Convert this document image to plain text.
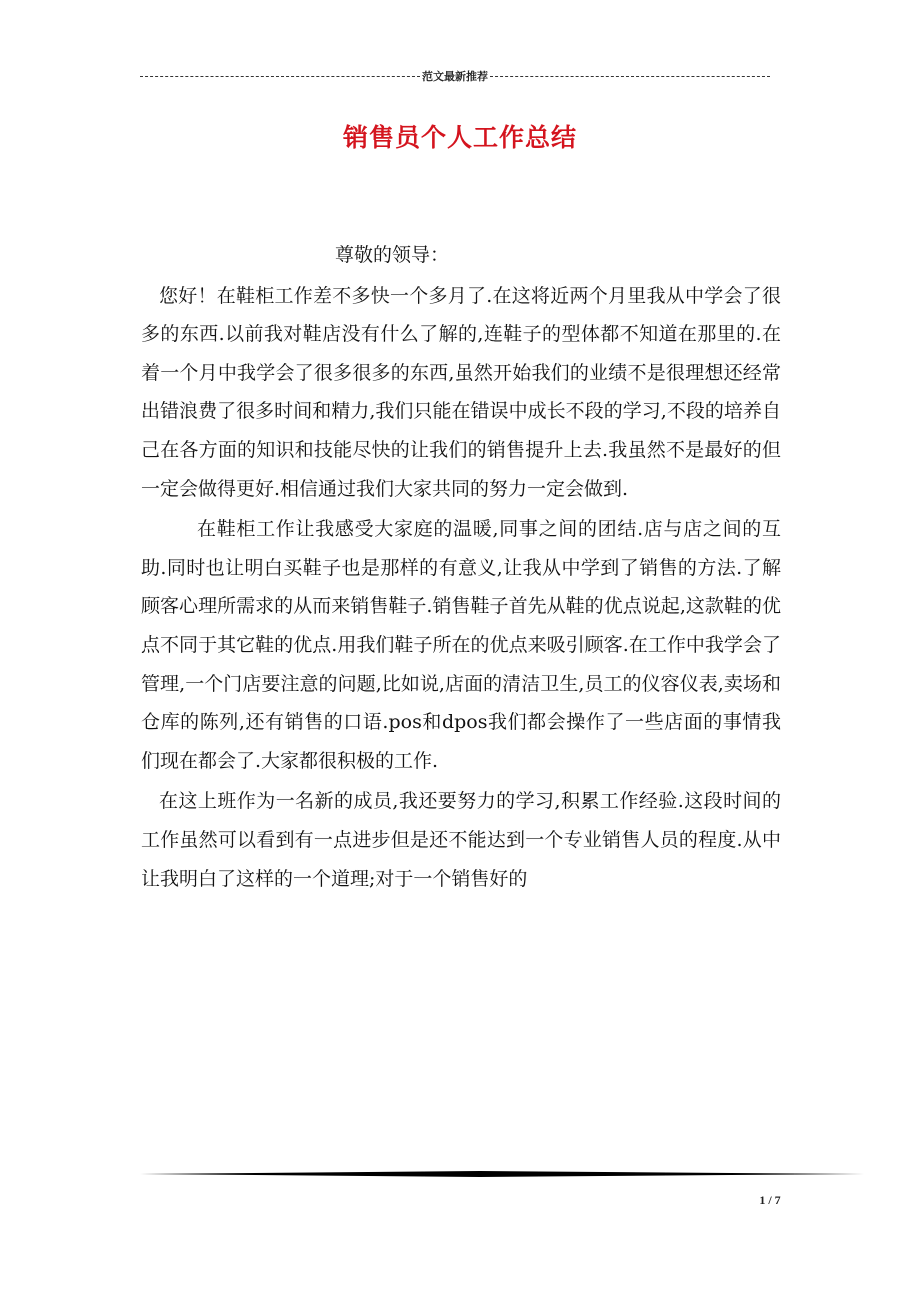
范文最新推荐
销售员个人工作总结

尊敬的领导：

您好！在鞋柜工作差不多快一个多月了.在这将近两个月里我从中学会了很多的东西.以前我对鞋店没有什么了解的,连鞋子的型体都不知道在那里的.在着一个月中我学会了很多很多的东西,虽然开始我们的业绩不是很理想还经常出错浪费了很多时间和精力,我们只能在错误中成长不段的学习,不段的培养自己在各方面的知识和技能尽快的让我们的销售提升上去.我虽然不是最好的但一定会做得更好.相信通过我们大家共同的努力一定会做到.

在鞋柜工作让我感受大家庭的温暖,同事之间的团结.店与店之间的互助.同时也让明白买鞋子也是那样的有意义,让我从中学到了销售的方法.了解顾客心理所需求的从而来销售鞋子.销售鞋子首先从鞋的优点说起,这款鞋的优点不同于其它鞋的优点.用我们鞋子所在的优点来吸引顾客.在工作中我学会了管理,一个门店要注意的问题,比如说,店面的清洁卫生,员工的仪容仪表,卖场和仓库的陈列,还有销售的口语.pos和dpos我们都会操作了一些店面的事情我们现在都会了.大家都很积极的工作.

在这上班作为一名新的成员,我还要努力的学习,积累工作经验.这段时间的工作虽然可以看到有一点进步但是还不能达到一个专业销售人员的程度.从中让我明白了这样的一个道理;对于一个销售好的

1 / 7
